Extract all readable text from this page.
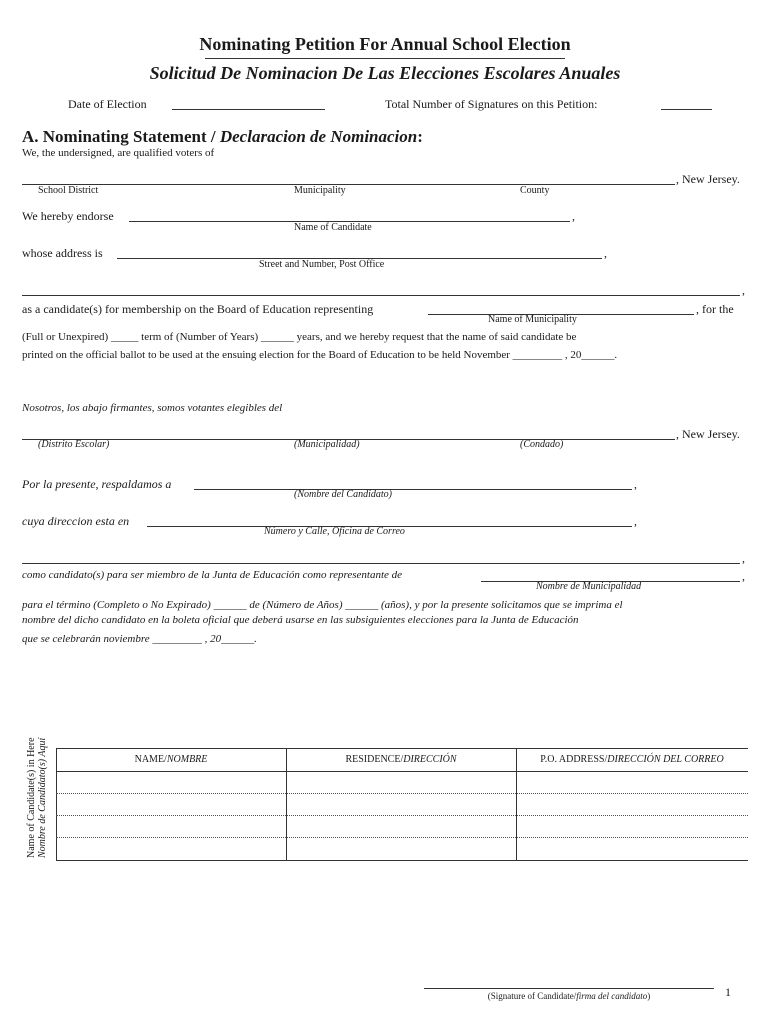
Nominating Petition For Annual School Election
Solicitud De Nominacion De Las Elecciones Escolares Anuales
Date of Election	Total Number of Signatures on this Petition:
A. Nominating Statement / Declaracion de Nominacion:
We, the undersigned, are qualified voters of
, New Jersey.
School District	Municipality	County
We hereby endorse	,
Name of Candidate
whose address is	,
Street and Number, Post Office
,
as a candidate(s) for membership on the Board of Education representing	, for the
Name of Municipality
(Full or Unexpired) _____ term of (Number of Years) ______ years, and we hereby request that the name of said candidate be
printed on the official ballot to be used at the ensuing election for the Board of Education to be held November _________ , 20______.
Nosotros, los abajo firmantes, somos votantes elegibles del
, New Jersey.
(Distrito Escolar)	(Municipalidad)	(Condado)
Por la presente, respaldamos a	,
(Nombre del Candidato)
cuya direccion esta en	,
Número y Calle, Oficina de Correo
,
como candidato(s) para ser miembro de la Junta de Educación como representante de	,
Nombre de Municipalidad
para el término (Completo o No Expirado) ______ de (Número de Años) ______ (años), y por la presente solicitamos que se imprima el
nombre del dicho candidato en la boleta oficial que deberá usarse en las subsiguientes elecciones para la Junta de Educación
que se celebrarán noviembre _________ , 20______.
Name of Candidate(s) in Here Nombre de Candidato(s) Aquí	NAME/NOMBRE	RESIDENCE/DIRECCIÓN	P.O. ADDRESS/DIRECCIÓN DEL CORREO
(Signature of Candidate/firma del candidato)	1
